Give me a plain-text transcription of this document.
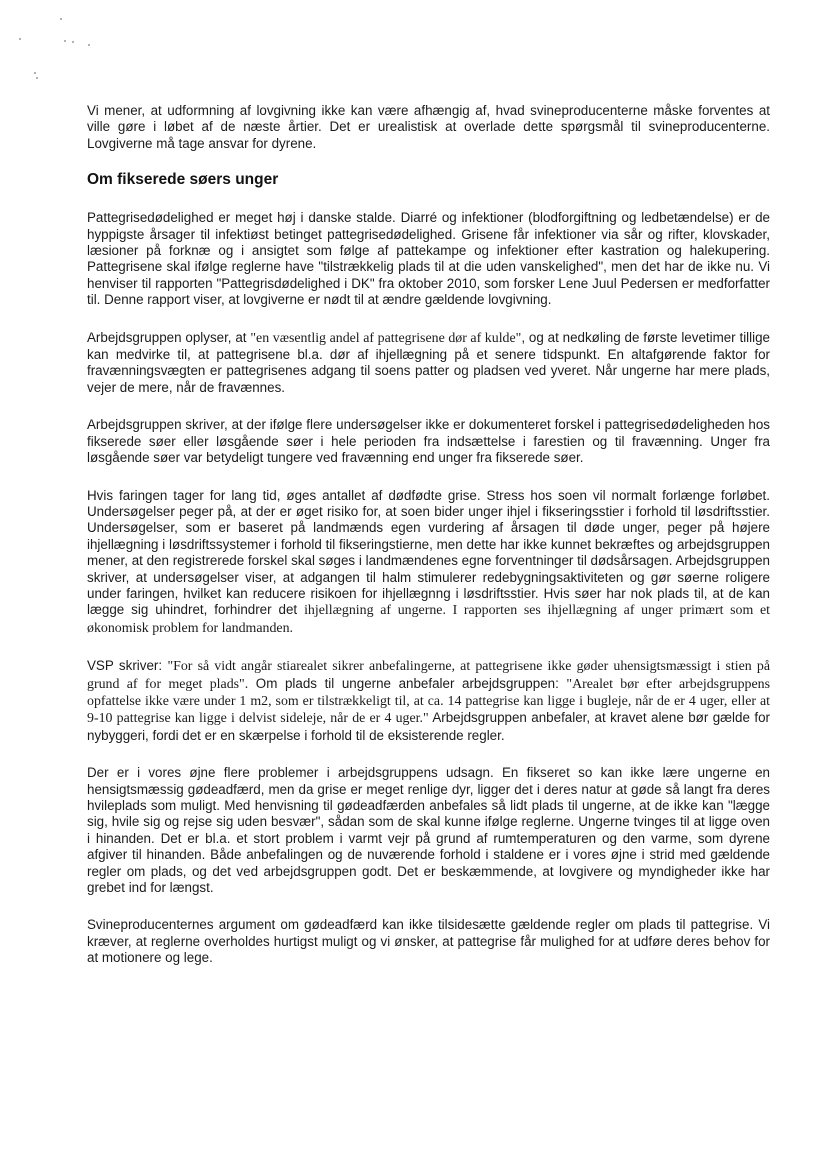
Vi mener, at udformning af lovgivning ikke kan være afhængig af, hvad svineproducenterne måske forventes at ville gøre i løbet af de næste årtier. Det er urealistisk at overlade dette spørgsmål til svineproducenterne. Lovgiverne må tage ansvar for dyrene.

Om fikserede søers unger

Pattegrisedødelighed er meget høj i danske stalde. Diarré og infektioner (blodforgiftning og ledbetændelse) er de hyppigste årsager til infektiøst betinget pattegrisedødelighed. Grisene får infektioner via sår og rifter, klovskader, læsioner på forknæ og i ansigtet som følge af pattekampe og infektioner efter kastration og halekupering. Pattegrisene skal ifølge reglerne have "tilstrækkelig plads til at die uden vanskelighed", men det har de ikke nu. Vi henviser til rapporten "Pattegrisdødelighed i DK" fra oktober 2010, som forsker Lene Juul Pedersen er medforfatter til. Denne rapport viser, at lovgiverne er nødt til at ændre gældende lovgivning.

Arbejdsgruppen oplyser, at "en væsentlig andel af pattegrisene dør af kulde", og at nedkøling de første levetimer tillige kan medvirke til, at pattegrisene bl.a. dør af ihjellægning på et senere tidspunkt. En altafgørende faktor for fravænningsvægten er pattegrisenes adgang til soens patter og pladsen ved yveret. Når ungerne har mere plads, vejer de mere, når de fravænnes.

Arbejdsgruppen skriver, at der ifølge flere undersøgelser ikke er dokumenteret forskel i pattegrisedødeligheden hos fikserede søer eller løsgående søer i hele perioden fra indsættelse i farestien og til fravænning. Unger fra løsgående søer var betydeligt tungere ved fravænning end unger fra fikserede søer.

Hvis faringen tager for lang tid, øges antallet af dødfødte grise. Stress hos soen vil normalt forlænge forløbet. Undersøgelser peger på, at der er øget risiko for, at soen bider unger ihjel i fikseringsstier i forhold til løsdriftsstier. Undersøgelser, som er baseret på landmænds egen vurdering af årsagen til døde unger, peger på højere ihjellægning i løsdriftssystemer i forhold til fikseringstierne, men dette har ikke kunnet bekræftes og arbejdsgruppen mener, at den registrerede forskel skal søges i landmændenes egne forventninger til dødsårsagen. Arbejdsgruppen skriver, at undersøgelser viser, at adgangen til halm stimulerer redebygningsaktiviteten og gør søerne roligere under faringen, hvilket kan reducere risikoen for ihjellægnng i løsdriftsstier. Hvis søer har nok plads til, at de kan lægge sig uhindret, forhindrer det ihjellægning af ungerne. I rapporten ses ihjellægning af unger primært som et økonomisk problem for landmanden.

VSP skriver: "For så vidt angår stiarealet sikrer anbefalingerne, at pattegrisene ikke gøder uhensigtsmæssigt i stien på grund af for meget plads". Om plads til ungerne anbefaler arbejdsgruppen: "Arealet bør efter arbejdsgruppens opfattelse ikke være under 1 m2, som er tilstrækkeligt til, at ca. 14 pattegrise kan ligge i bugleje, når de er 4 uger, eller at 9-10 pattegrise kan ligge i delvist sideleje, når de er 4 uger." Arbejdsgruppen anbefaler, at kravet alene bør gælde for nybyggeri, fordi det er en skærpelse i forhold til de eksisterende regler.

Der er i vores øjne flere problemer i arbejdsgruppens udsagn. En fikseret so kan ikke lære ungerne en hensigtsmæssig gødeadfærd, men da grise er meget renlige dyr, ligger det i deres natur at gøde så langt fra deres hvileplads som muligt. Med henvisning til gødeadfærden anbefales så lidt plads til ungerne, at de ikke kan "lægge sig, hvile sig og rejse sig uden besvær", sådan som de skal kunne ifølge reglerne. Ungerne tvinges til at ligge oven i hinanden. Det er bl.a. et stort problem i varmt vejr på grund af rumtemperaturen og den varme, som dyrene afgiver til hinanden. Både anbefalingen og de nuværende forhold i staldene er i vores øjne i strid med gældende regler om plads, og det ved arbejdsgruppen godt. Det er beskæmmende, at lovgivere og myndigheder ikke har grebet ind for længst.

Svineproducenternes argument om gødeadfærd kan ikke tilsidesætte gældende regler om plads til pattegrise. Vi kræver, at reglerne overholdes hurtigst muligt og vi ønsker, at pattegrise får mulighed for at udføre deres behov for at motionere og lege.
